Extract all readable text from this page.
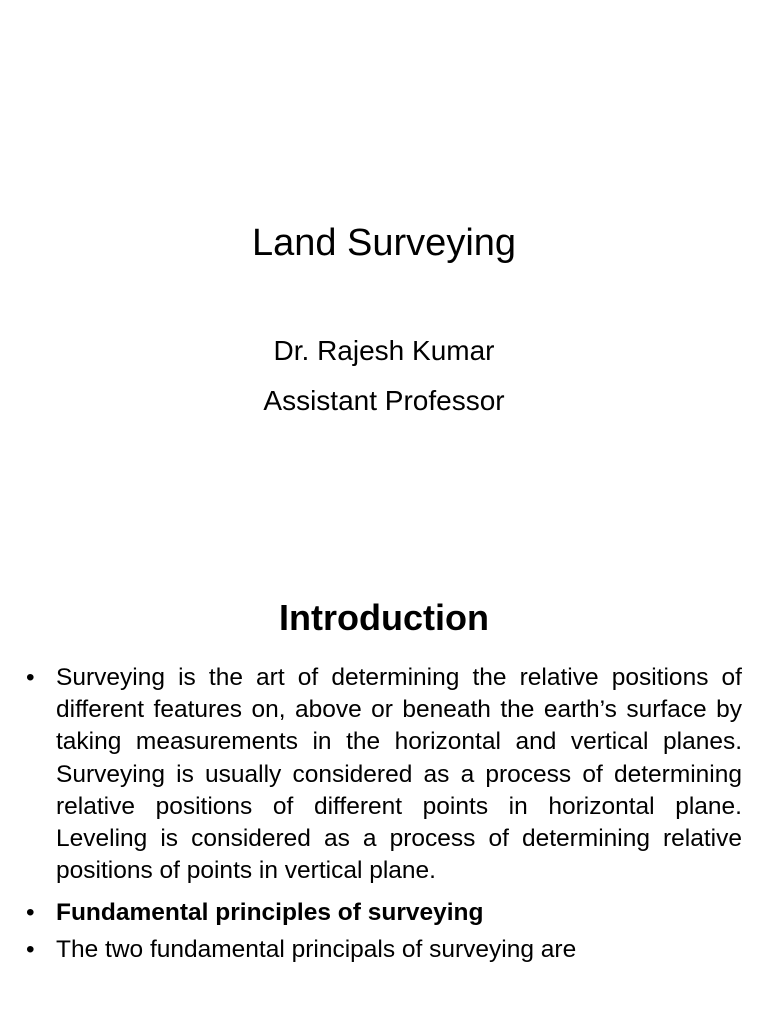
Land Surveying

Dr. Rajesh Kumar

Assistant Professor

Introduction
• Surveying is the art of determining the relative positions of different features on, above or beneath the earth’s surface by taking measurements in the horizontal and vertical planes. Surveying is usually considered as a process of determining relative positions of different points in horizontal plane. Leveling is considered as a process of determining relative positions of points in vertical plane.
• Fundamental principles of surveying
• The two fundamental principals of surveying are
